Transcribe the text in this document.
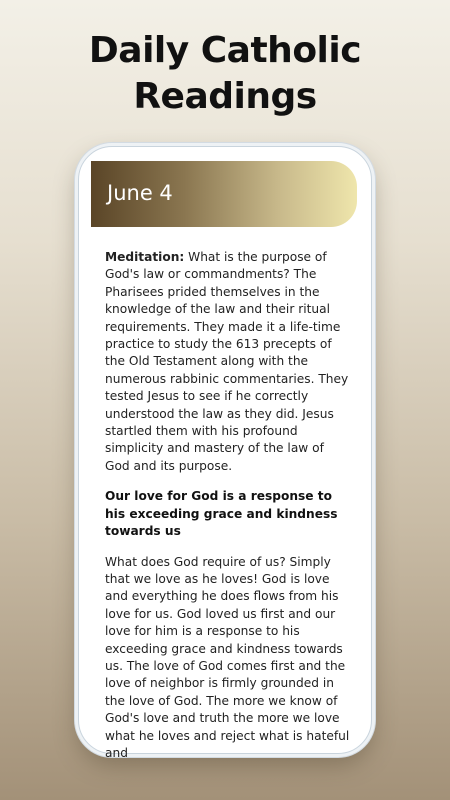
Daily Catholic
Readings
June 4

Meditation: What is the purpose of God's law or commandments? The Pharisees prided themselves in the knowledge of the law and their ritual requirements. They made it a life-time practice to study the 613 precepts of the Old Testament along with the numerous rabbinic commentaries. They tested Jesus to see if he correctly understood the law as they did. Jesus startled them with his profound simplicity and mastery of the law of God and its purpose.

Our love for God is a response to his exceeding grace and kindness towards us

What does God require of us? Simply that we love as he loves! God is love and everything he does flows from his love for us. God loved us first and our love for him is a response to his exceeding grace and kindness towards us. The love of God comes first and the love of neighbor is firmly grounded in the love of God. The more we know of God's love and truth the more we love what he loves and reject what is hateful and
